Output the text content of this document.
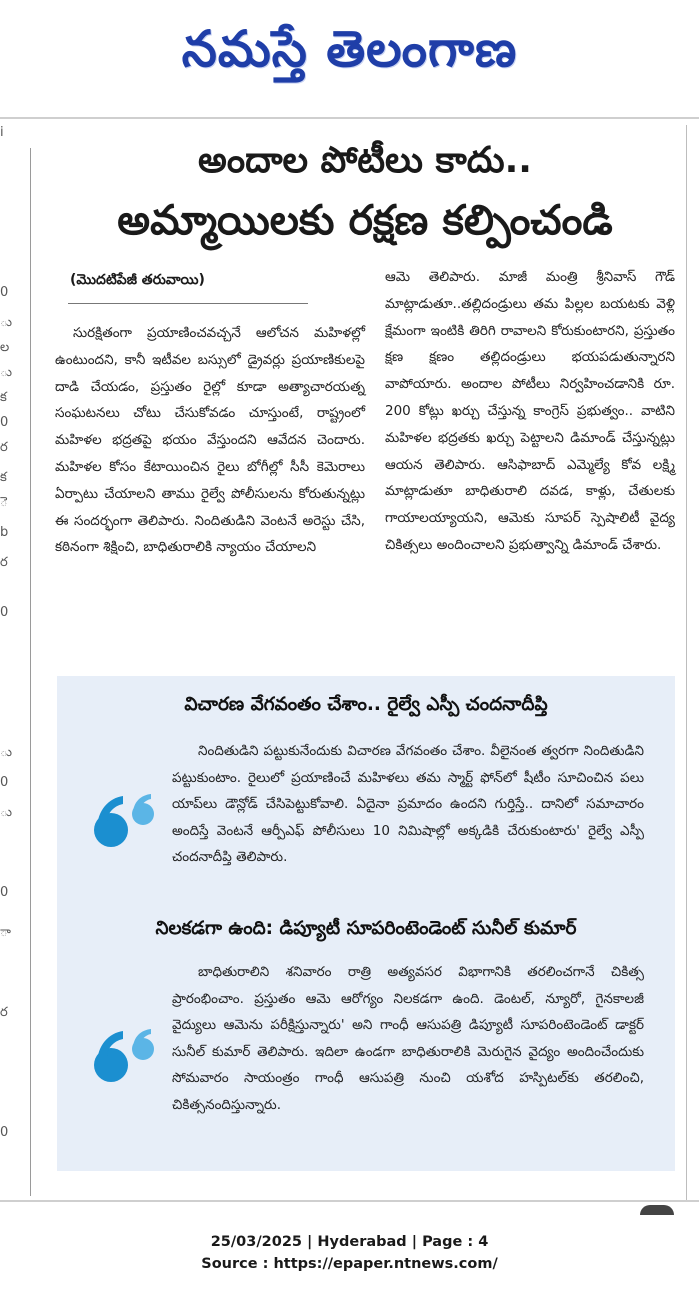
నమస్తే తెలంగాణ
i
0
ు
ల
ు
క
0
ర
క
ె
b
ర
0
ు
0
ు
0
ా
ర
0
అందాల పోటీలు కాదు..
అమ్మాయిలకు రక్షణ కల్పించండి
(మొదటిపేజీ తరువాయి)

సురక్షితంగా ప్రయాణించవచ్చనే ఆలోచన మహిళల్లో ఉంటుందని, కానీ ఇటీవల బస్సులో డ్రైవర్లు ప్రయాణికులపై దాడి చేయడం, ప్రస్తుతం రైల్లో కూడా అత్యాచారయత్న సంఘటనలు చోటు చేసుకోవడం చూస్తుంటే, రాష్ట్రంలో మహిళల భద్రతపై భయం వేస్తుందని ఆవేదన చెందారు. మహిళల కోసం కేటాయించిన రైలు బోగీల్లో సీసీ కెమెరాలు ఏర్పాటు చేయాలని తాము రైల్వే పోలీసులను కోరుతున్నట్లు ఈ సందర్భంగా తెలిపారు. నిందితుడిని వెంటనే అరెస్టు చేసి, కఠినంగా శిక్షించి, బాధితురాలికి న్యాయం చేయాలని

ఆమె తెలిపారు. మాజీ మంత్రి శ్రీనివాస్ గౌడ్ మాట్లాడుతూ..తల్లిదండ్రులు తమ పిల్లల బయటకు వెళ్లి క్షేమంగా ఇంటికి తిరిగి రావాలని కోరుకుంటారని, ప్రస్తుతం క్షణ క్షణం తల్లిదండ్రులు భయపడుతున్నారని వాపోయారు. అందాల పోటీలు నిర్వహించడానికి రూ. 200 కోట్లు ఖర్చు చేస్తున్న కాంగ్రెస్ ప్రభుత్వం.. వాటిని మహిళల భద్రతకు ఖర్చు పెట్టాలని డిమాండ్ చేస్తున్నట్లు ఆయన తెలిపారు. ఆసిఫాబాద్ ఎమ్మెల్యే కోవ లక్ష్మి మాట్లాడుతూ బాధితురాలి దవడ, కాళ్లు, చేతులకు గాయాలయ్యాయని, ఆమెకు సూపర్ స్పెషాలిటీ వైద్య చికిత్సలు అందించాలని ప్రభుత్వాన్ని డిమాండ్ చేశారు.

విచారణ వేగవంతం చేశాం.. రైల్వే ఎస్పీ చందనాదీప్తి

నిందితుడిని పట్టుకునేందుకు విచారణ వేగవంతం చేశాం. వీలైనంత త్వరగా నిందితుడిని పట్టుకుంటాం. రైలులో ప్రయాణించే మహిళలు తమ స్మార్ట్ ఫోన్‌లో షీటీం సూచించిన పలు యాప్‌లు డౌన్లోడ్ చేసిపెట్టుకోవాలి. ఏదైనా ప్రమాదం ఉందని గుర్తిస్తే.. దానిలో సమాచారం అందిస్తే వెంటనే ఆర్పీఎఫ్ పోలీసులు 10 నిమిషాల్లో అక్కడికి చేరుకుంటారు' రైల్వే ఎస్పీ చందనాదీప్తి తెలిపారు.

నిలకడగా ఉంది: డిప్యూటీ సూపరింటెండెంట్ సునీల్ కుమార్

బాధితురాలిని శనివారం రాత్రి అత్యవసర విభాగానికి తరలించగానే చికిత్స ప్రారంభించాం. ప్రస్తుతం ఆమె ఆరోగ్యం నిలకడగా ఉంది. డెంటల్, న్యూరో, గైనకాలజీ వైద్యులు ఆమెను పరీక్షిస్తున్నారు' అని గాంధీ ఆసుపత్రి డిప్యూటీ సూపరింటెండెంట్ డాక్టర్ సునీల్ కుమార్ తెలిపారు. ఇదిలా ఉండగా బాధితురాలికి మెరుగైన వైద్యం అందించేందుకు సోమవారం సాయంత్రం గాంధీ ఆసుపత్రి నుంచి యశోద హస్పిటల్‌కు తరలించి, చికిత్సనందిస్తున్నారు.

25/03/2025 | Hyderabad | Page : 4
Source : https://epaper.ntnews.com/
